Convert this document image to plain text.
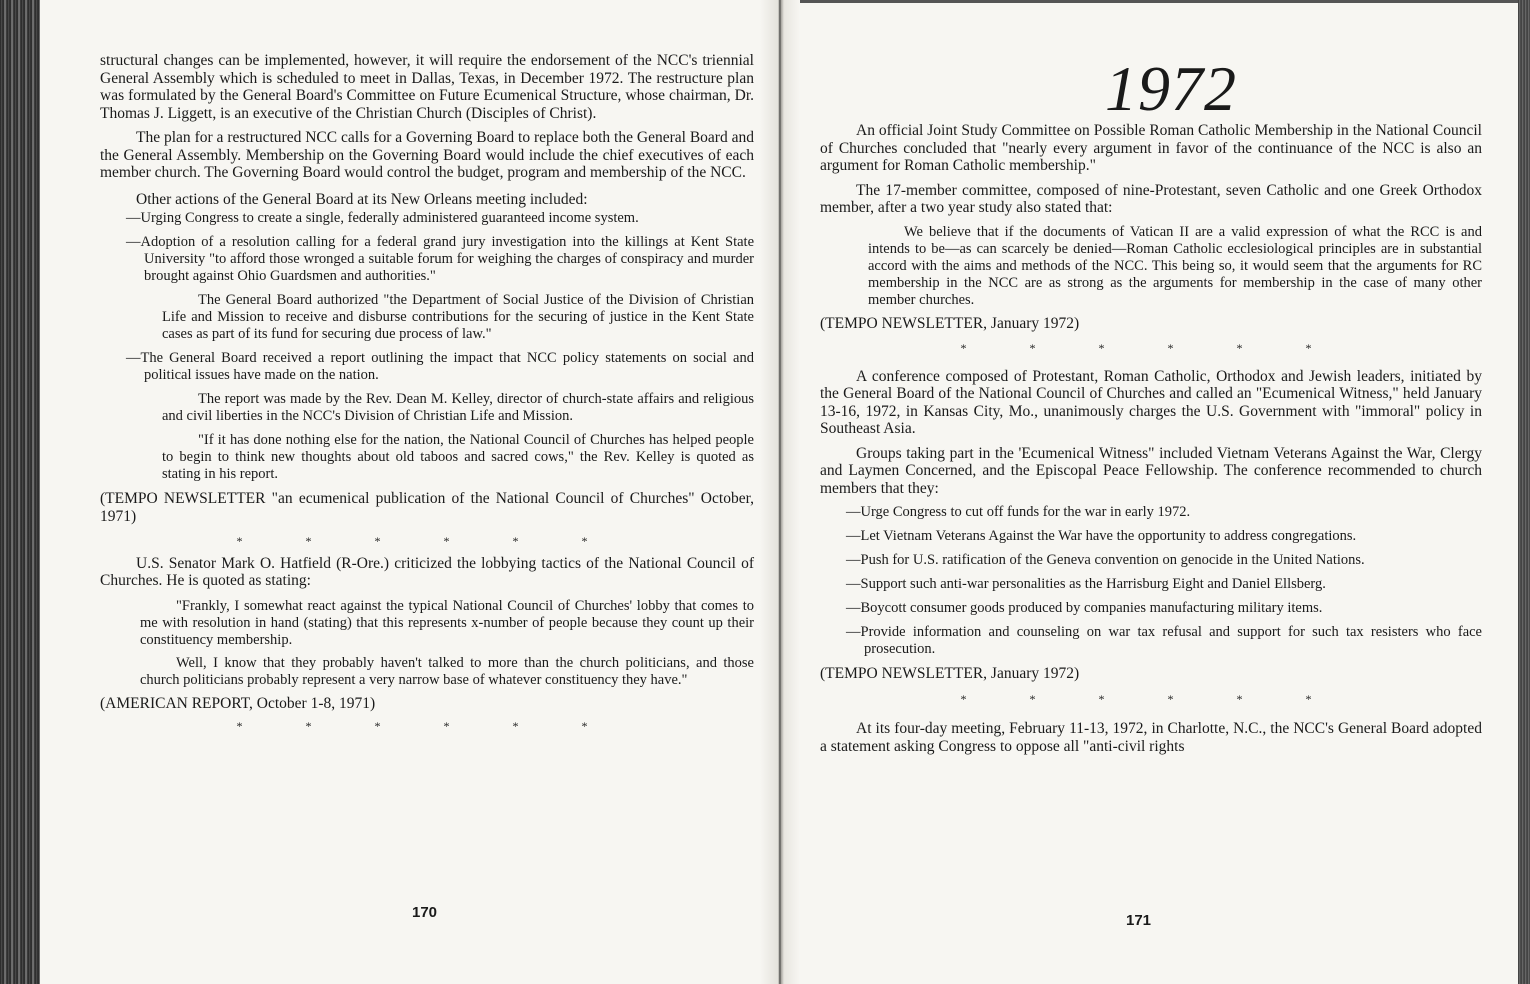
structural changes can be implemented, however, it will require the endorsement of the NCC's triennial General Assembly which is scheduled to meet in Dallas, Texas, in December 1972. The restructure plan was formulated by the General Board's Committee on Future Ecumenical Structure, whose chairman, Dr. Thomas J. Liggett, is an executive of the Christian Church (Disciples of Christ).

The plan for a restructured NCC calls for a Governing Board to replace both the General Board and the General Assembly. Membership on the Governing Board would include the chief executives of each member church. The Governing Board would control the budget, program and membership of the NCC.

Other actions of the General Board at its New Orleans meeting included:

—Urging Congress to create a single, federally administered guaranteed income system.

—Adoption of a resolution calling for a federal grand jury investigation into the killings at Kent State University "to afford those wronged a suitable forum for weighing the charges of conspiracy and murder brought against Ohio Guardsmen and authorities."

The General Board authorized "the Department of Social Justice of the Division of Christian Life and Mission to receive and disburse contributions for the securing of justice in the Kent State cases as part of its fund for securing due process of law."

—The General Board received a report outlining the impact that NCC policy statements on social and political issues have made on the nation.

The report was made by the Rev. Dean M. Kelley, director of church-state affairs and religious and civil liberties in the NCC's Division of Christian Life and Mission.

"If it has done nothing else for the nation, the National Council of Churches has helped people to begin to think new thoughts about old taboos and sacred cows," the Rev. Kelley is quoted as stating in his report.

(TEMPO NEWSLETTER "an ecumenical publication of the National Council of Churches" October, 1971)

* * * * * *

U.S. Senator Mark O. Hatfield (R-Ore.) criticized the lobbying tactics of the National Council of Churches. He is quoted as stating:

"Frankly, I somewhat react against the typical National Council of Churches' lobby that comes to me with resolution in hand (stating) that this represents x-number of people because they count up their constituency membership.

Well, I know that they probably haven't talked to more than the church politicians, and those church politicians probably represent a very narrow base of whatever constituency they have."

(AMERICAN REPORT, October 1-8, 1971)

* * * * * *
170
1972

An official Joint Study Committee on Possible Roman Catholic Membership in the National Council of Churches concluded that "nearly every argument in favor of the continuance of the NCC is also an argument for Roman Catholic membership."

The 17-member committee, composed of nine-Protestant, seven Catholic and one Greek Orthodox member, after a two year study also stated that:

We believe that if the documents of Vatican II are a valid expression of what the RCC is and intends to be—as can scarcely be denied—Roman Catholic ecclesiological principles are in substantial accord with the aims and methods of the NCC. This being so, it would seem that the arguments for RC membership in the NCC are as strong as the arguments for membership in the case of many other member churches.

(TEMPO NEWSLETTER, January 1972)

* * * * * *

A conference composed of Protestant, Roman Catholic, Orthodox and Jewish leaders, initiated by the General Board of the National Council of Churches and called an "Ecumenical Witness," held January 13-16, 1972, in Kansas City, Mo., unanimously charges the U.S. Government with "immoral" policy in Southeast Asia.

Groups taking part in the 'Ecumenical Witness" included Vietnam Veterans Against the War, Clergy and Laymen Concerned, and the Episcopal Peace Fellowship. The conference recommended to church members that they:

—Urge Congress to cut off funds for the war in early 1972.

—Let Vietnam Veterans Against the War have the opportunity to address congregations.

—Push for U.S. ratification of the Geneva convention on genocide in the United Nations.

—Support such anti-war personalities as the Harrisburg Eight and Daniel Ellsberg.

—Boycott consumer goods produced by companies manufacturing military items.

—Provide information and counseling on war tax refusal and support for such tax resisters who face prosecution.

(TEMPO NEWSLETTER, January 1972)

* * * * * *

At its four-day meeting, February 11-13, 1972, in Charlotte, N.C., the NCC's General Board adopted a statement asking Congress to oppose all "anti-civil rights

171
